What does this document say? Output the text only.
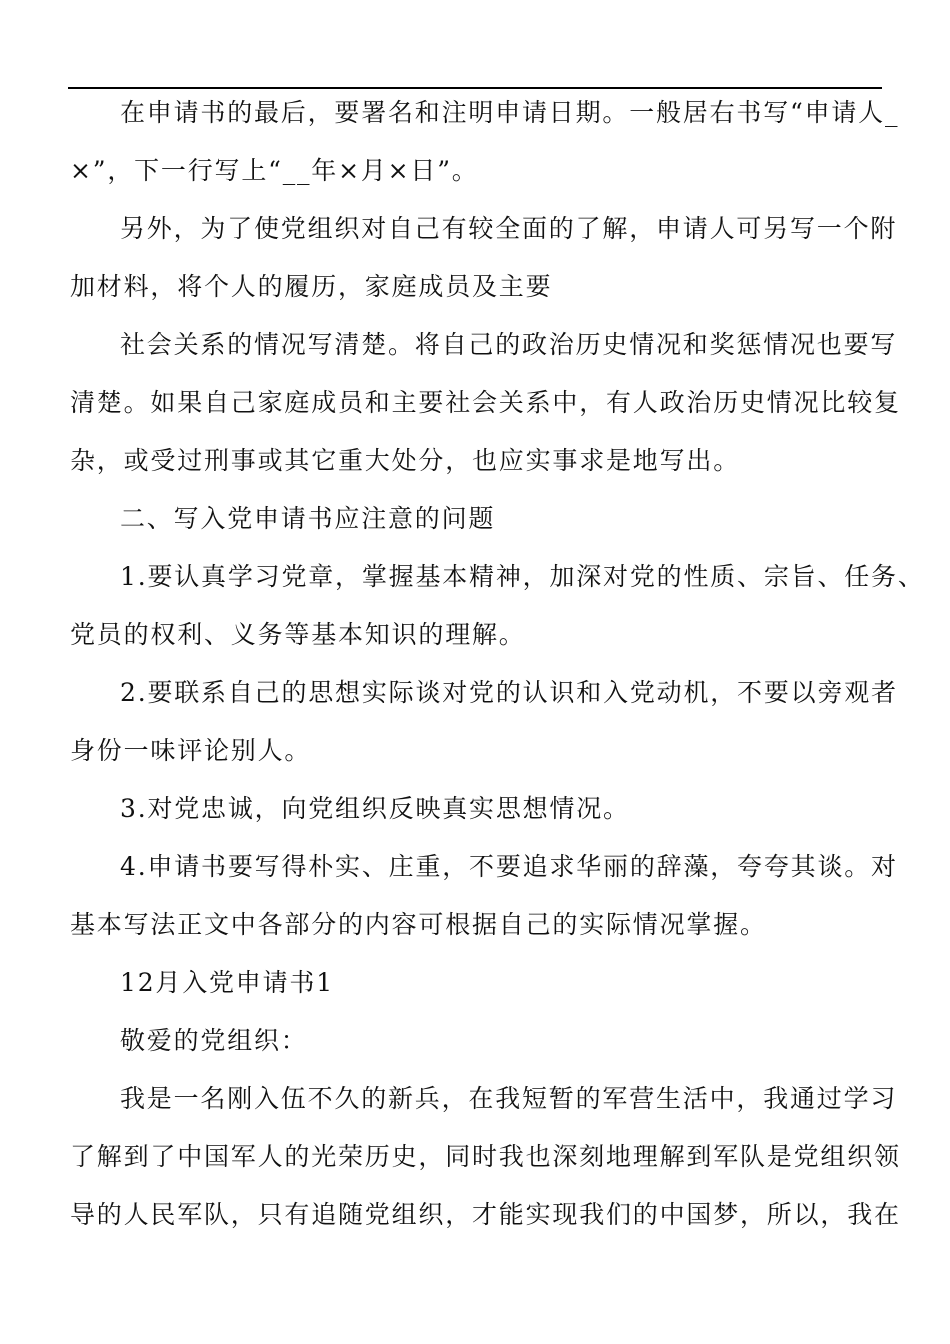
在申请书的最后，要署名和注明申请日期。一般居右书写“申请人_
×”，下一行写上“__年×月×日”。
另外，为了使党组织对自己有较全面的了解，申请人可另写一个附
加材料，将个人的履历，家庭成员及主要
社会关系的情况写清楚。将自己的政治历史情况和奖惩情况也要写
清楚。如果自己家庭成员和主要社会关系中，有人政治历史情况比较复
杂，或受过刑事或其它重大处分，也应实事求是地写出。
二、写入党申请书应注意的问题
1.要认真学习党章，掌握基本精神，加深对党的性质、宗旨、任务、
党员的权利、义务等基本知识的理解。
2.要联系自己的思想实际谈对党的认识和入党动机，不要以旁观者
身份一味评论别人。
3.对党忠诚，向党组织反映真实思想情况。
4.申请书要写得朴实、庄重，不要追求华丽的辞藻，夸夸其谈。对
基本写法正文中各部分的内容可根据自己的实际情况掌握。
12月入党申请书1
敬爱的党组织：
我是一名刚入伍不久的新兵，在我短暂的军营生活中，我通过学习
了解到了中国军人的光荣历史，同时我也深刻地理解到军队是党组织领
导的人民军队，只有追随党组织，才能实现我们的中国梦，所以，我在
